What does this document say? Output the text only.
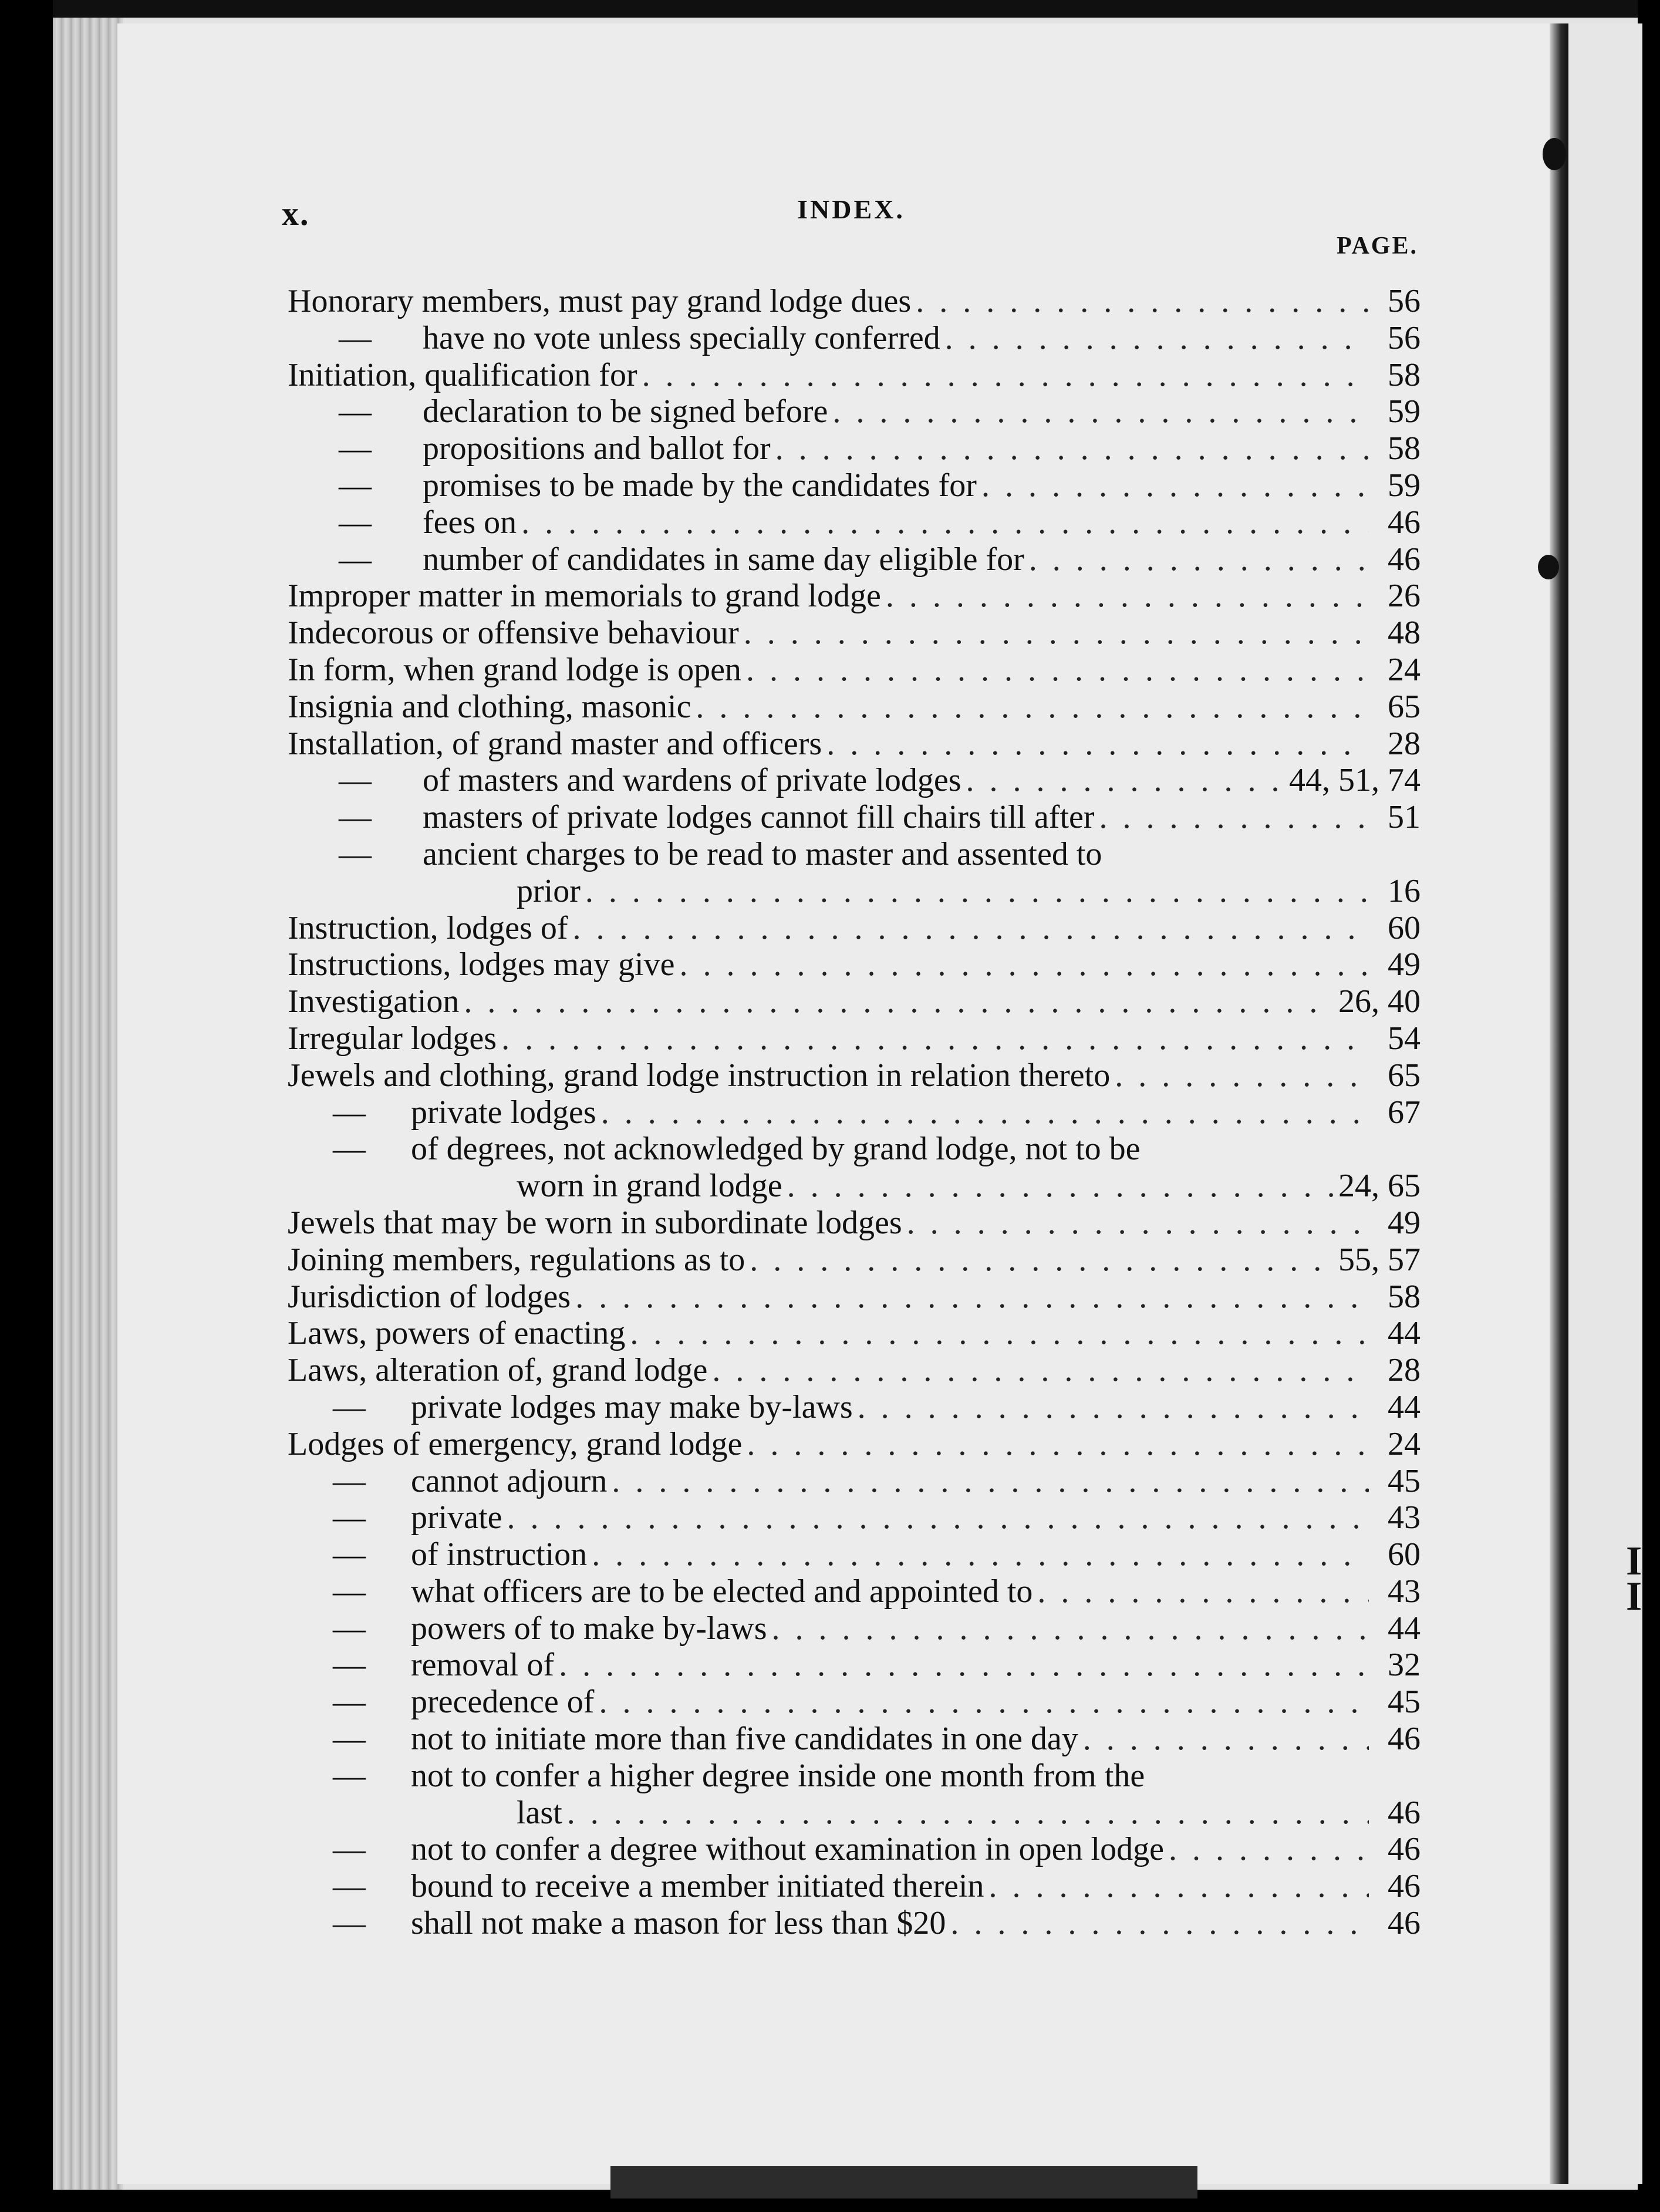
I
I
x.	INDEX.
PAGE.
Honorary members, must pay grand lodge dues . . .	56
—	have no vote unless specially conferred . . .	56
Initiation, qualification for . . .	58
—	declaration to be signed before . . .	59
—	propositions and ballot for . . .	58
—	promises to be made by the candidates for . . .	59
—	fees on . . .	46
—	number of candidates in same day eligible for . . .	46
Improper matter in memorials to grand lodge . . .	26
Indecorous or offensive behaviour . . .	48
In form, when grand lodge is open . . .	24
Insignia and clothing, masonic . . .	65
Installation, of grand master and officers . . .	28
—	of masters and wardens of private lodges . . .	44, 51, 74
—	masters of private lodges cannot fill chairs till after . . .	51
—	ancient charges to be read to master and assented to
prior . . .	16
Instruction, lodges of . . .	60
Instructions, lodges may give . . .	49
Investigation . . .	26, 40
Irregular lodges . . .	54
Jewels and clothing, grand lodge instruction in relation thereto . . .	65
—	private lodges . . .	67
—	of degrees, not acknowledged by grand lodge, not to be
worn in grand lodge . . .	24, 65
Jewels that may be worn in subordinate lodges . . .	49
Joining members, regulations as to . . .	55, 57
Jurisdiction of lodges . . .	58
Laws, powers of enacting . . .	44
Laws, alteration of, grand lodge . . .	28
—	private lodges may make by-laws . . .	44
Lodges of emergency, grand lodge . . .	24
—	cannot adjourn . . .	45
—	private . . .	43
—	of instruction . . .	60
—	what officers are to be elected and appointed to . . .	43
—	powers of to make by-laws . . .	44
—	removal of . . .	32
—	precedence of . . .	45
—	not to initiate more than five candidates in one day . . .	46
—	not to confer a higher degree inside one month from the
last . . .	46
—	not to confer a degree without examination in open lodge . . .	46
—	bound to receive a member initiated therein . . .	46
—	shall not make a mason for less than $20 . . .	46
